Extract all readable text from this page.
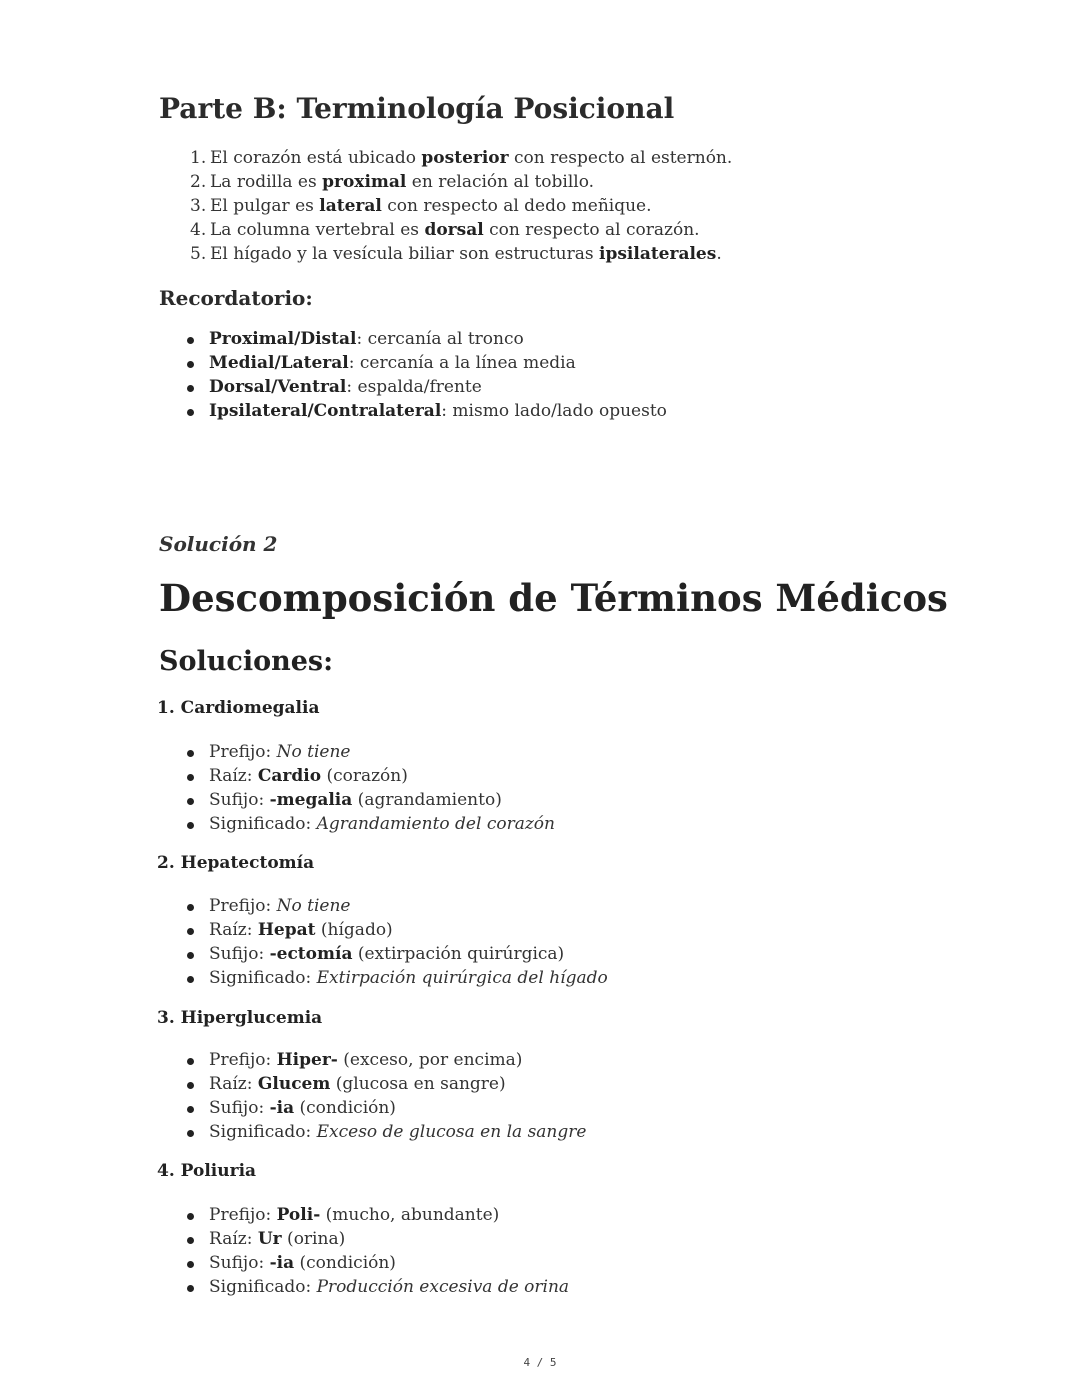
Parte B: Terminología Posicional
1. El corazón está ubicado posterior con respecto al esternón.
2. La rodilla es proximal en relación al tobillo.
3. El pulgar es lateral con respecto al dedo meñique.
4. La columna vertebral es dorsal con respecto al corazón.
5. El hígado y la vesícula biliar son estructuras ipsilaterales.
Recordatorio:
Proximal/Distal: cercanía al tronco
Medial/Lateral: cercanía a la línea media
Dorsal/Ventral: espalda/frente
Ipsilateral/Contralateral: mismo lado/lado opuesto

Solución 2

Descomposición de Términos Médicos
Soluciones:
1. Cardiomegalia
Prefijo: No tiene
Raíz: Cardio (corazón)
Sufijo: -megalia (agrandamiento)
Significado: Agrandamiento del corazón
2. Hepatectomía
Prefijo: No tiene
Raíz: Hepat (hígado)
Sufijo: -ectomía (extirpación quirúrgica)
Significado: Extirpación quirúrgica del hígado
3. Hiperglucemia
Prefijo: Hiper- (exceso, por encima)
Raíz: Glucem (glucosa en sangre)
Sufijo: -ia (condición)
Significado: Exceso de glucosa en la sangre
4. Poliuria
Prefijo: Poli- (mucho, abundante)
Raíz: Ur (orina)
Sufijo: -ia (condición)
Significado: Producción excesiva de orina
4 / 5
